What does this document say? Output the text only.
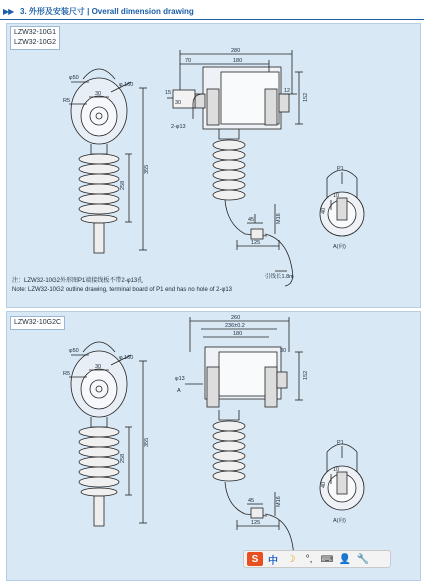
▶▶ 3. 外形及安装尺寸 | Overall dimension drawing
LZW32-10G1
LZW32-10G2
φ50
R5
30
φ 160
258
355
280
70	180
152
15	12
30
2-φ13
45	M16
125
引线长1.8m
P1
10
40
A(向)
注：LZW32-10G2外形图P1端接线板不带2-φ13孔
Note: LZW32-10G2 outline drawing, terminal board of P1 end has no hole of 2-φ13
LZW32-10G2C
φ50
R5
30
φ 160
258
355
260
236±0.2
180
30
152
φ13
A
45	M16
125
P1
10
40
A(向)
S 中 ☽	°, ⌨ 👤 🔧
